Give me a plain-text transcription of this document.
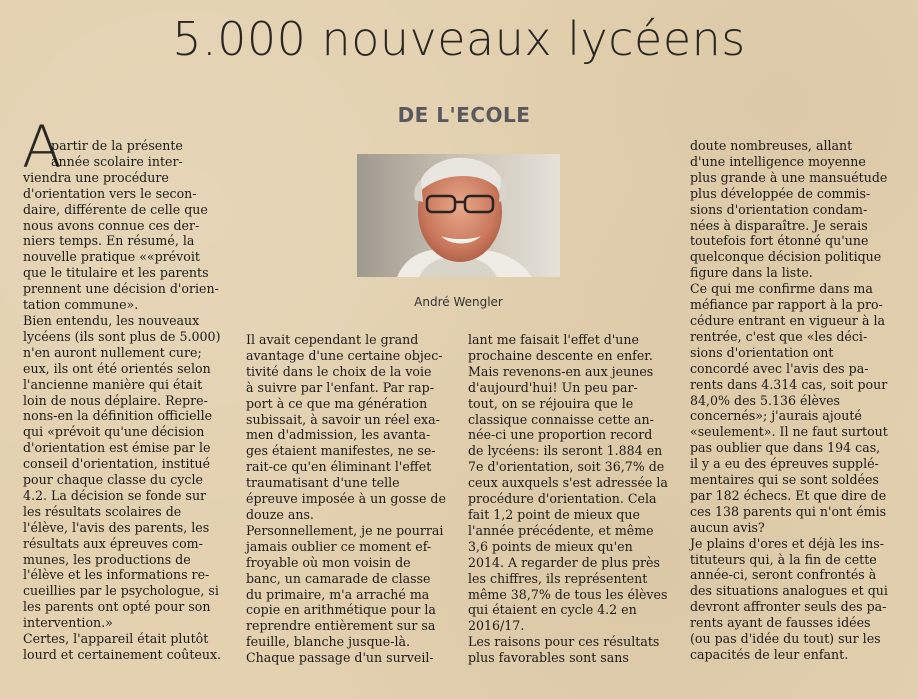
5.000 nouveaux lycéens
DE L'ECOLE
André Wengler
A
partir de la présente
année scolaire inter-
viendra une procédure
d'orientation vers le secon-
daire, différente de celle que
nous avons connue ces der-
niers temps. En résumé, la
nouvelle pratique ««prévoit
que le titulaire et les parents
prennent une décision d'orien-
tation commune».
Bien entendu, les nouveaux
lycéens (ils sont plus de 5.000)
n'en auront nullement cure;
eux, ils ont été orientés selon
l'ancienne manière qui était
loin de nous déplaire. Repre-
nons-en la définition officielle
qui «prévoit qu'une décision
d'orientation est émise par le
conseil d'orientation, institué
pour chaque classe du cycle
4.2. La décision se fonde sur
les résultats scolaires de
l'élève, l'avis des parents, les
résultats aux épreuves com-
munes, les productions de
l'élève et les informations re-
cueillies par le psychologue, si
les parents ont opté pour son
intervention.»
Certes, l'appareil était plutôt
lourd et certainement coûteux.
Il avait cependant le grand
avantage d'une certaine objec-
tivité dans le choix de la voie
à suivre par l'enfant. Par rap-
port à ce que ma génération
subissait, à savoir un réel exa-
men d'admission, les avanta-
ges étaient manifestes, ne se-
rait-ce qu'en éliminant l'effet
traumatisant d'une telle
épreuve imposée à un gosse de
douze ans.
Personnellement, je ne pourrai
jamais oublier ce moment ef-
froyable où mon voisin de
banc, un camarade de classe
du primaire, m'a arraché ma
copie en arithmétique pour la
reprendre entièrement sur sa
feuille, blanche jusque-là.
Chaque passage d'un surveil-
lant me faisait l'effet d'une
prochaine descente en enfer.
Mais revenons-en aux jeunes
d'aujourd'hui! Un peu par-
tout, on se réjouira que le
classique connaisse cette an-
née-ci une proportion record
de lycéens: ils seront 1.884 en
7e d'orientation, soit 36,7% de
ceux auxquels s'est adressée la
procédure d'orientation. Cela
fait 1,2 point de mieux que
l'année précédente, et même
3,6 points de mieux qu'en
2014. A regarder de plus près
les chiffres, ils représentent
même 38,7% de tous les élèves
qui étaient en cycle 4.2 en
2016/17.
Les raisons pour ces résultats
plus favorables sont sans
doute nombreuses, allant
d'une intelligence moyenne
plus grande à une mansuétude
plus développée de commis-
sions d'orientation condam-
nées à disparaître. Je serais
toutefois fort étonné qu'une
quelconque décision politique
figure dans la liste.
Ce qui me confirme dans ma
méfiance par rapport à la pro-
cédure entrant en vigueur à la
rentrée, c'est que «les déci-
sions d'orientation ont
concordé avec l'avis des pa-
rents dans 4.314 cas, soit pour
84,0% des 5.136 élèves
concernés»; j'aurais ajouté
«seulement». Il ne faut surtout
pas oublier que dans 194 cas,
il y a eu des épreuves supplé-
mentaires qui se sont soldées
par 182 échecs. Et que dire de
ces 138 parents qui n'ont émis
aucun avis?
Je plains d'ores et déjà les ins-
tituteurs qui, à la fin de cette
année-ci, seront confrontés à
des situations analogues et qui
devront affronter seuls des pa-
rents ayant de fausses idées
(ou pas d'idée du tout) sur les
capacités de leur enfant.
